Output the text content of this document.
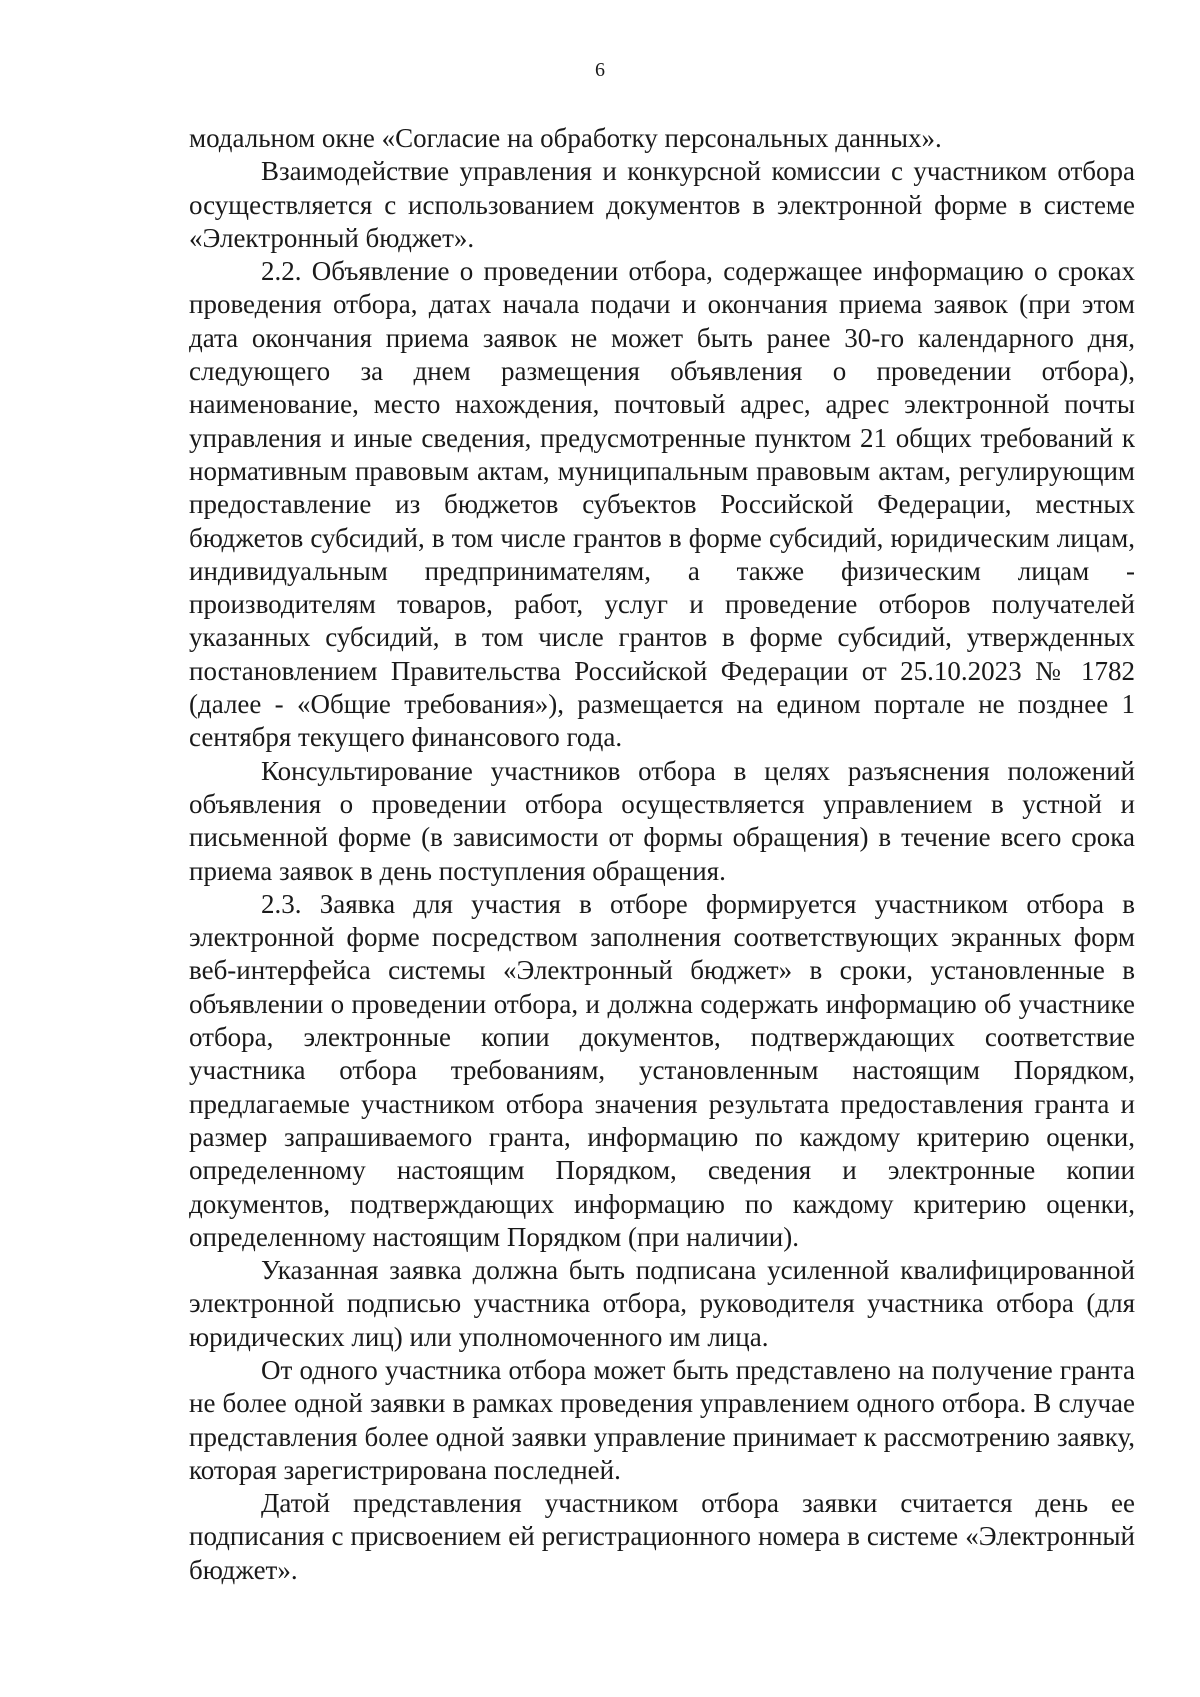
6

модальном окне «Согласие на обработку персональных данных».

Взаимодействие управления и конкурсной комиссии с участником отбора осуществляется с использованием документов в электронной форме в системе «Электронный бюджет».

2.2. Объявление о проведении отбора, содержащее информацию о сроках проведения отбора, датах начала подачи и окончания приема заявок (при этом дата окончания приема заявок не может быть ранее 30-го календарного дня, следующего за днем размещения объявления о проведении отбора), наименование, место нахождения, почтовый адрес, адрес электронной почты управления и иные сведения, предусмотренные пунктом 21 общих требований к нормативным правовым актам, муниципальным правовым актам, регулирующим предоставление из бюджетов субъектов Российской Федерации, местных бюджетов субсидий, в том числе грантов в форме субсидий, юридическим лицам, индивидуальным предпринимателям, а также физическим лицам - производителям товаров, работ, услуг и проведение отборов получателей указанных субсидий, в том числе грантов в форме субсидий, утвержденных постановлением Правительства Российской Федерации от 25.10.2023 № 1782 (далее - «Общие требования»), размещается на едином портале не позднее 1 сентября текущего финансового года.

Консультирование участников отбора в целях разъяснения положений объявления о проведении отбора осуществляется управлением в устной и письменной форме (в зависимости от формы обращения) в течение всего срока приема заявок в день поступления обращения.

2.3. Заявка для участия в отборе формируется участником отбора в электронной форме посредством заполнения соответствующих экранных форм веб-интерфейса системы «Электронный бюджет» в сроки, установленные в объявлении о проведении отбора, и должна содержать информацию об участнике отбора, электронные копии документов, подтверждающих соответствие участника отбора требованиям, установленным настоящим Порядком, предлагаемые участником отбора значения результата предоставления гранта и размер запрашиваемого гранта, информацию по каждому критерию оценки, определенному настоящим Порядком, сведения и электронные копии документов, подтверждающих информацию по каждому критерию оценки, определенному настоящим Порядком (при наличии).

Указанная заявка должна быть подписана усиленной квалифицированной электронной подписью участника отбора, руководителя участника отбора (для юридических лиц) или уполномоченного им лица.

От одного участника отбора может быть представлено на получение гранта не более одной заявки в рамках проведения управлением одного отбора. В случае представления более одной заявки управление принимает к рассмотрению заявку, которая зарегистрирована последней.

Датой представления участником отбора заявки считается день ее подписания с присвоением ей регистрационного номера в системе «Электронный бюджет».
